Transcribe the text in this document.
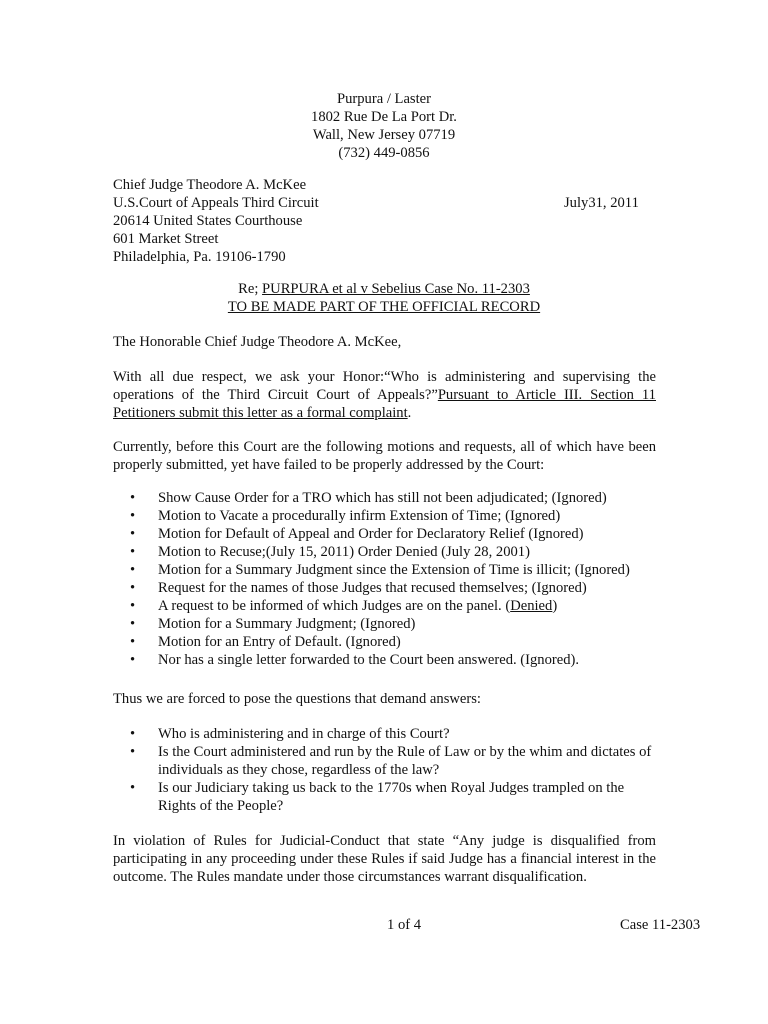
Purpura / Laster
1802 Rue De La Port Dr.
Wall, New Jersey 07719
(732) 449-0856
Chief Judge Theodore A. McKee
U.S.Court of Appeals Third Circuit
20614 United States Courthouse
601 Market Street
Philadelphia, Pa. 19106-1790
July31, 2011
Re; PURPURA et al v Sebelius Case No. 11-2303
TO BE MADE PART OF THE OFFICIAL RECORD
The Honorable Chief Judge Theodore A. McKee,
With all due respect, we ask your Honor:“Who is administering and supervising the operations of the Third Circuit Court of Appeals?”Pursuant to Article III. Section 11 Petitioners submit this letter as a formal complaint.
Currently, before this Court are the following motions and requests, all of which have been properly submitted, yet have failed to be properly addressed by the Court:
• Show Cause Order for a TRO which has still not been adjudicated; (Ignored)
• Motion to Vacate a procedurally infirm Extension of Time; (Ignored)
• Motion for Default of Appeal and Order for Declaratory Relief (Ignored)
• Motion to Recuse;(July 15, 2011) Order Denied (July 28, 2001)
• Motion for a Summary Judgment since the Extension of Time is illicit; (Ignored)
• Request for the names of those Judges that recused themselves; (Ignored)
• A request to be informed of which Judges are on the panel. (Denied)
• Motion for a Summary Judgment; (Ignored)
• Motion for an Entry of Default. (Ignored)
• Nor has a single letter forwarded to the Court been answered. (Ignored).
Thus we are forced to pose the questions that demand answers:
• Who is administering and in charge of this Court?
• Is the Court administered and run by the Rule of Law or by the whim and dictates of individuals as they chose, regardless of the law?
• Is our Judiciary taking us back to the 1770s when Royal Judges trampled on the Rights of the People?
In violation of Rules for Judicial-Conduct that state “Any judge is disqualified from participating in any proceeding under these Rules if said Judge has a financial interest in the outcome. The Rules mandate under those circumstances warrant disqualification.
1 of 4	Case 11-2303
